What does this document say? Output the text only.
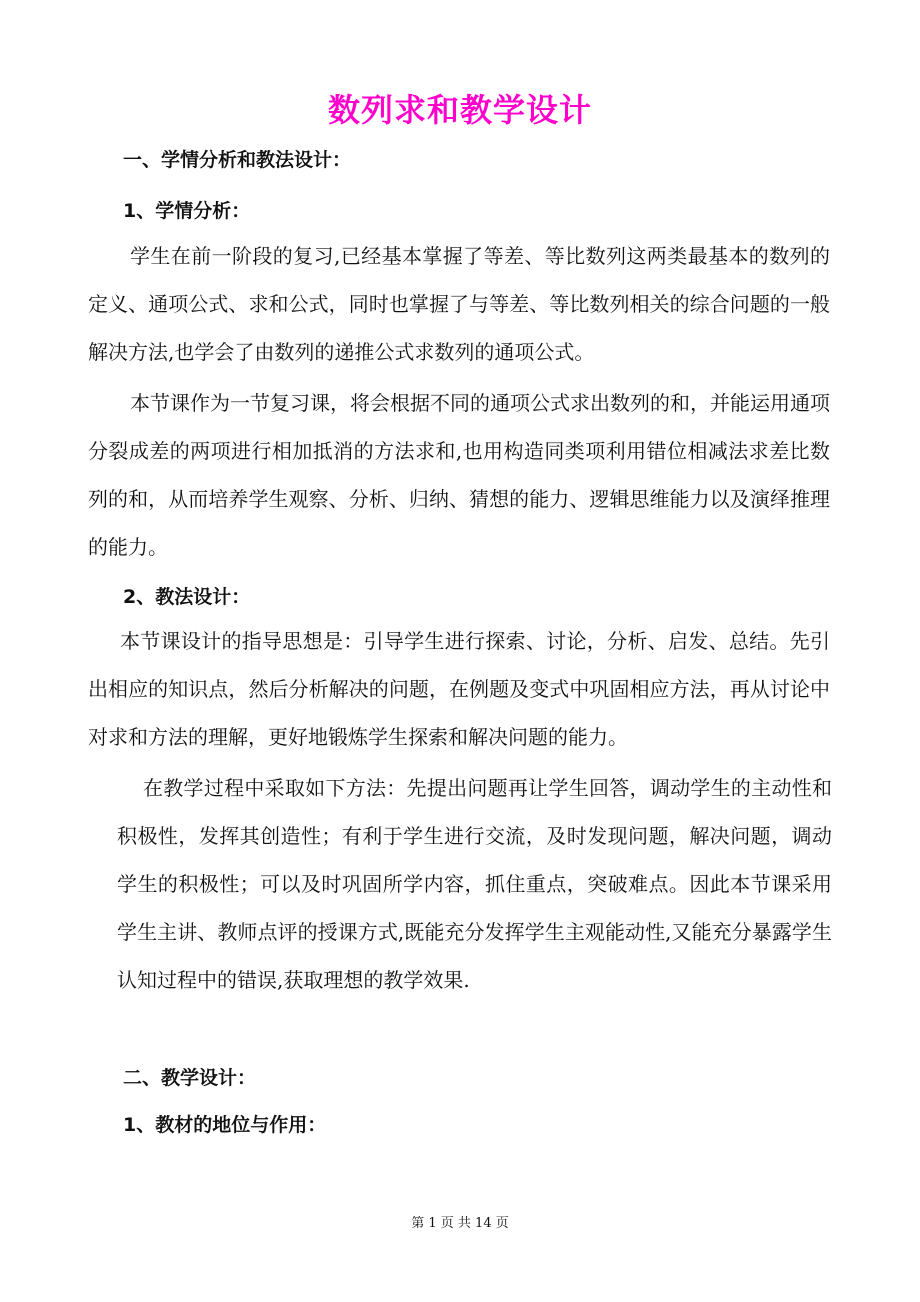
数列求和教学设计
一、学情分析和教法设计：
1、学情分析：

学生在前一阶段的复习,已经基本掌握了等差、等比数列这两类最基本的数列的定义、通项公式、求和公式，同时也掌握了与等差、等比数列相关的综合问题的一般解决方法,也学会了由数列的递推公式求数列的通项公式。

本节课作为一节复习课，将会根据不同的通项公式求出数列的和，并能运用通项分裂成差的两项进行相加抵消的方法求和,也用构造同类项利用错位相减法求差比数列的和，从而培养学生观察、分析、归纳、猜想的能力、逻辑思维能力以及演绎推理的能力。

2、教法设计：

本节课设计的指导思想是：引导学生进行探索、讨论，分析、启发、总结。先引出相应的知识点，然后分析解决的问题，在例题及变式中巩固相应方法，再从讨论中对求和方法的理解，更好地锻炼学生探索和解决问题的能力。

在教学过程中采取如下方法：先提出问题再让学生回答，调动学生的主动性和积极性，发挥其创造性；有利于学生进行交流，及时发现问题，解决问题，调动学生的积极性；可以及时巩固所学内容，抓住重点，突破难点。因此本节课采用学生主讲、教师点评的授课方式,既能充分发挥学生主观能动性,又能充分暴露学生认知过程中的错误,获取理想的教学效果.

二、教学设计：
1、教材的地位与作用：
第 1 页 共 14 页
